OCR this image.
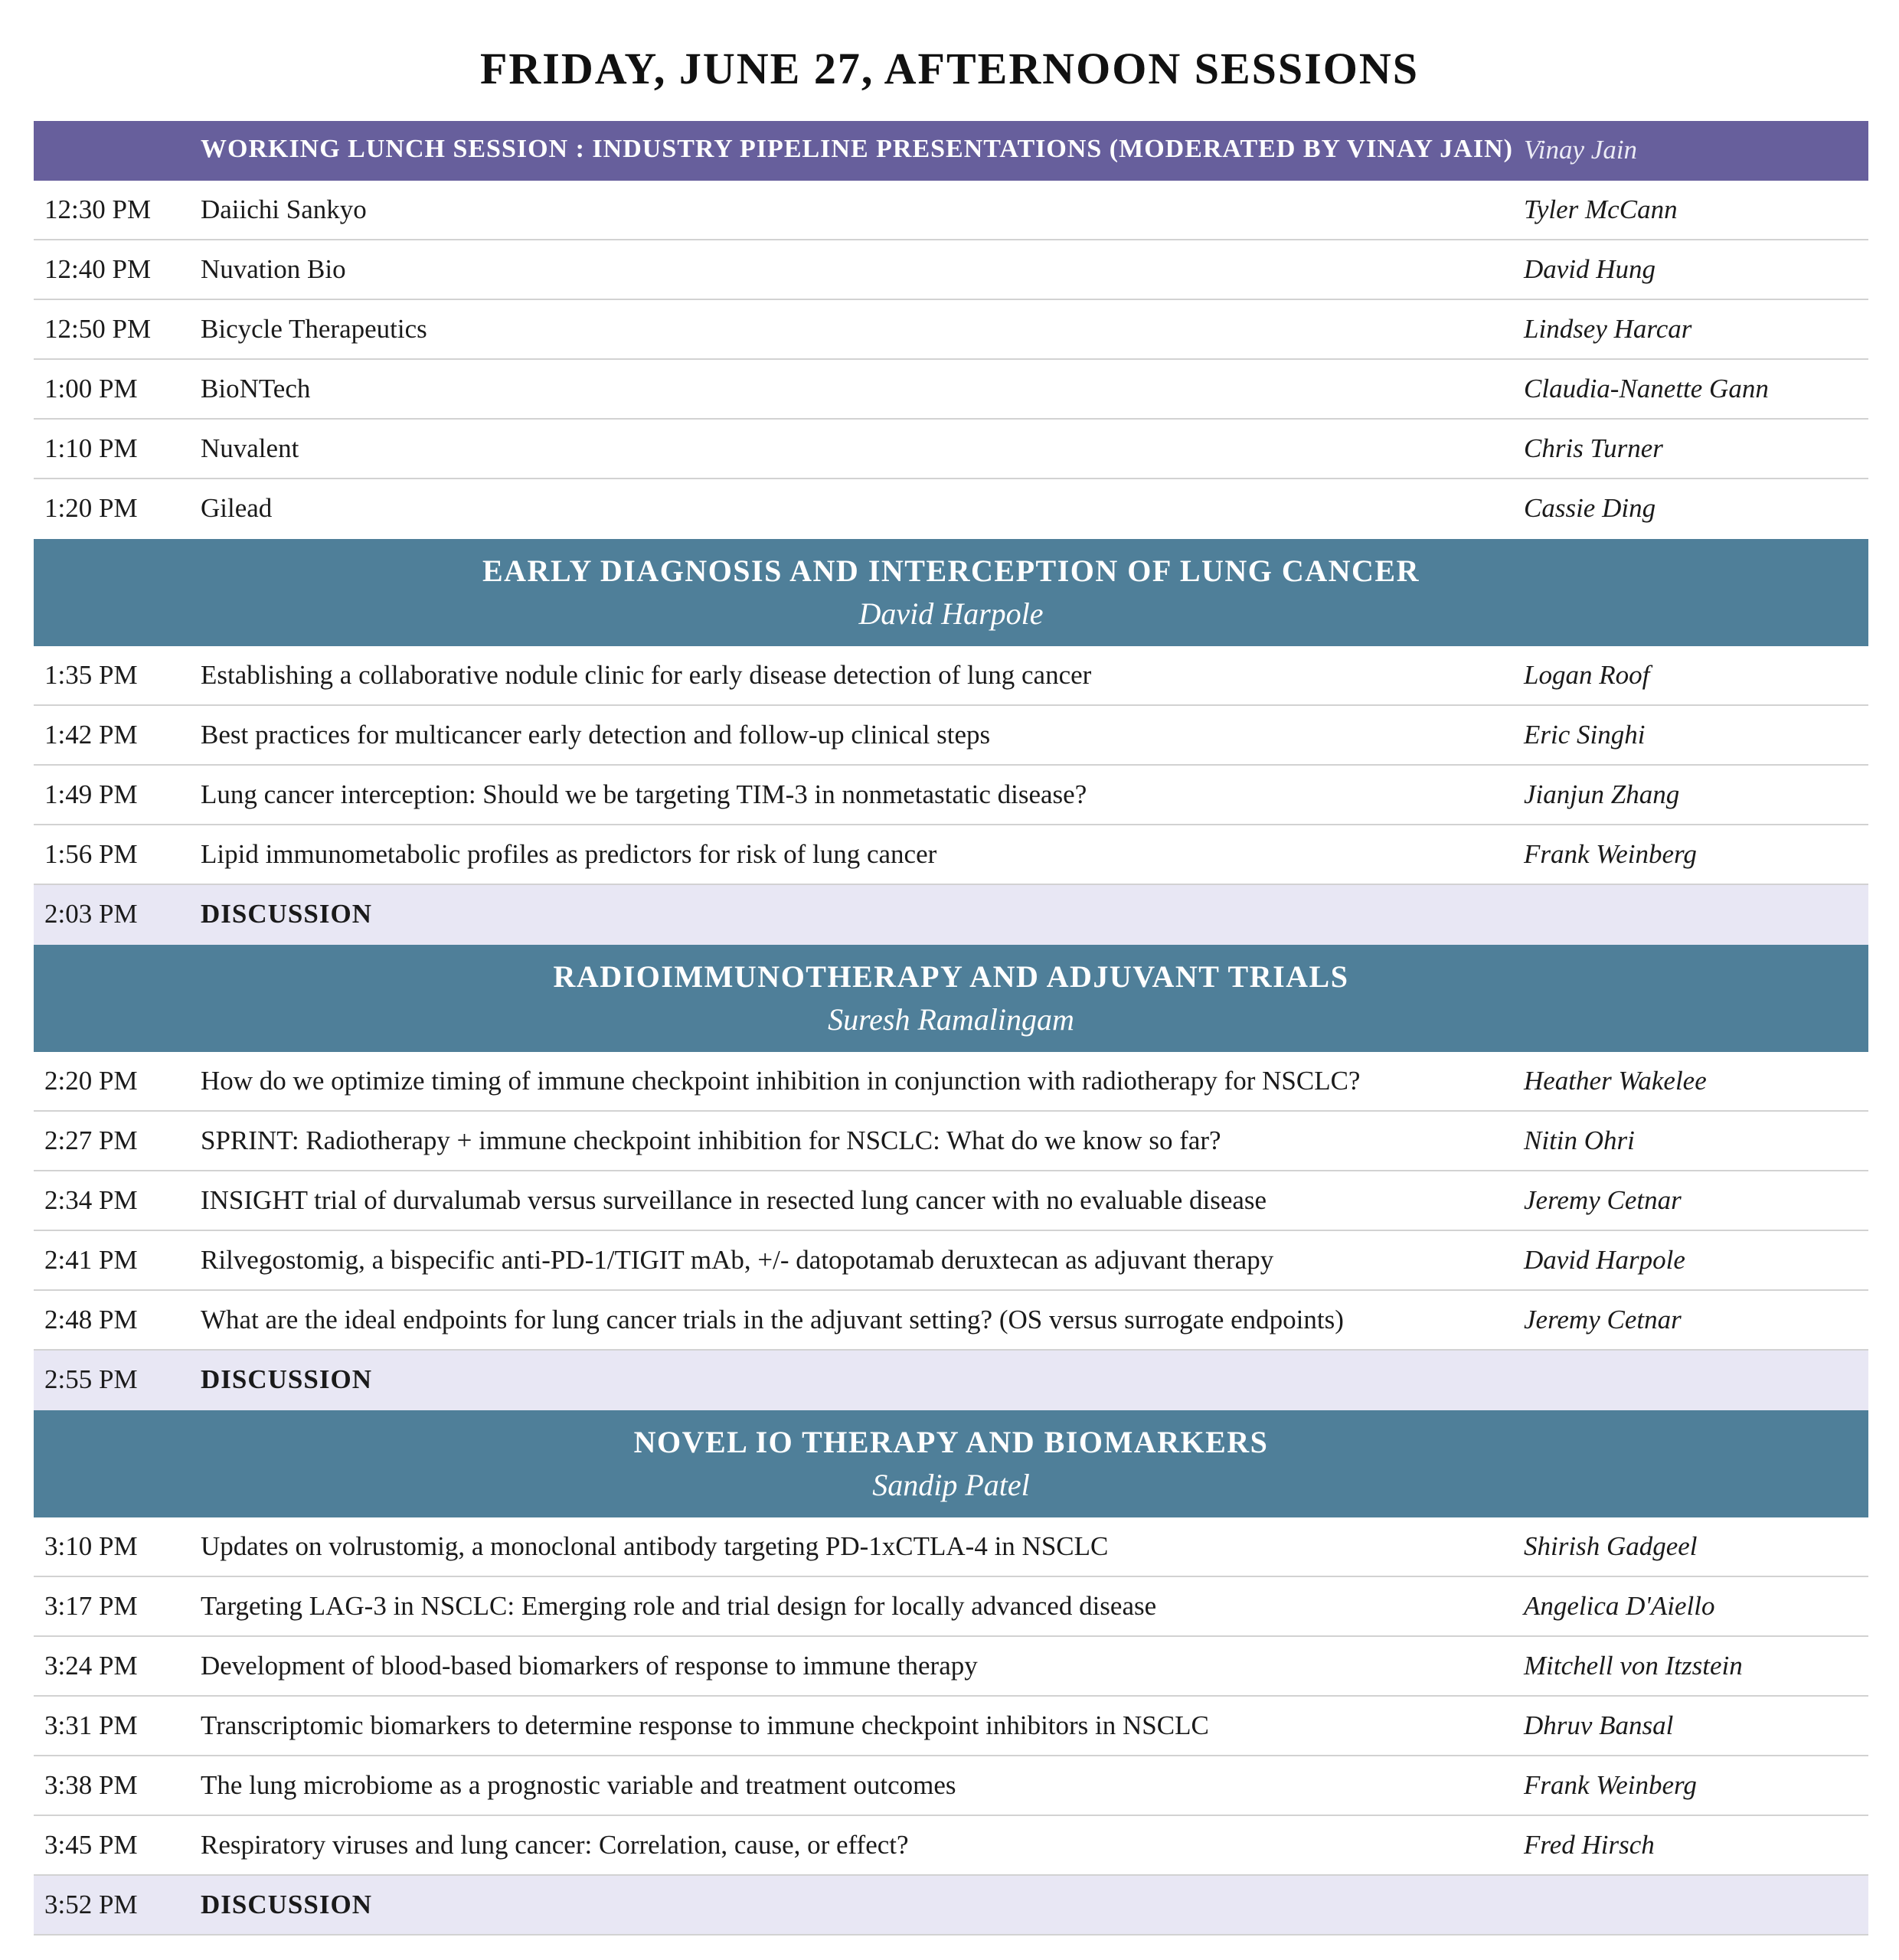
FRIDAY, JUNE 27, AFTERNOON SESSIONS
WORKING LUNCH SESSION : INDUSTRY PIPELINE PRESENTATIONS (MODERATED BY VINAY JAIN) Vinay Jain
12:30 PM Daiichi Sankyo	Tyler McCann
12:40 PM Nuvation Bio	David Hung
12:50 PM Bicycle Therapeutics	Lindsey Harcar
1:00 PM BioNTech	Claudia-Nanette Gann
1:10 PM Nuvalent	Chris Turner
1:20 PM Gilead	Cassie Ding
EARLY DIAGNOSIS AND INTERCEPTION OF LUNG CANCER
David Harpole
1:35 PM Establishing a collaborative nodule clinic for early disease detection of lung cancer	Logan Roof
1:42 PM Best practices for multicancer early detection and follow-up clinical steps	Eric Singhi
1:49 PM Lung cancer interception: Should we be targeting TIM-3 in nonmetastatic disease?	Jianjun Zhang
1:56 PM Lipid immunometabolic profiles as predictors for risk of lung cancer	Frank Weinberg
2:03 PM DISCUSSION
RADIOIMMUNOTHERAPY AND ADJUVANT TRIALS
Suresh Ramalingam
2:20 PM How do we optimize timing of immune checkpoint inhibition in conjunction with radiotherapy for NSCLC?	Heather Wakelee
2:27 PM SPRINT: Radiotherapy + immune checkpoint inhibition for NSCLC: What do we know so far?	Nitin Ohri
2:34 PM INSIGHT trial of durvalumab versus surveillance in resected lung cancer with no evaluable disease	Jeremy Cetnar
2:41 PM Rilvegostomig, a bispecific anti-PD-1/TIGIT mAb, +/- datopotamab deruxtecan as adjuvant therapy	David Harpole
2:48 PM What are the ideal endpoints for lung cancer trials in the adjuvant setting? (OS versus surrogate endpoints)	Jeremy Cetnar
2:55 PM DISCUSSION
NOVEL IO THERAPY AND BIOMARKERS
Sandip Patel
3:10 PM Updates on volrustomig, a monoclonal antibody targeting PD-1xCTLA-4 in NSCLC	Shirish Gadgeel
3:17 PM Targeting LAG-3 in NSCLC: Emerging role and trial design for locally advanced disease	Angelica D'Aiello
3:24 PM Development of blood-based biomarkers of response to immune therapy	Mitchell von Itzstein
3:31 PM Transcriptomic biomarkers to determine response to immune checkpoint inhibitors in NSCLC	Dhruv Bansal
3:38 PM The lung microbiome as a prognostic variable and treatment outcomes	Frank Weinberg
3:45 PM Respiratory viruses and lung cancer: Correlation, cause, or effect?	Fred Hirsch
3:52 PM DISCUSSION
